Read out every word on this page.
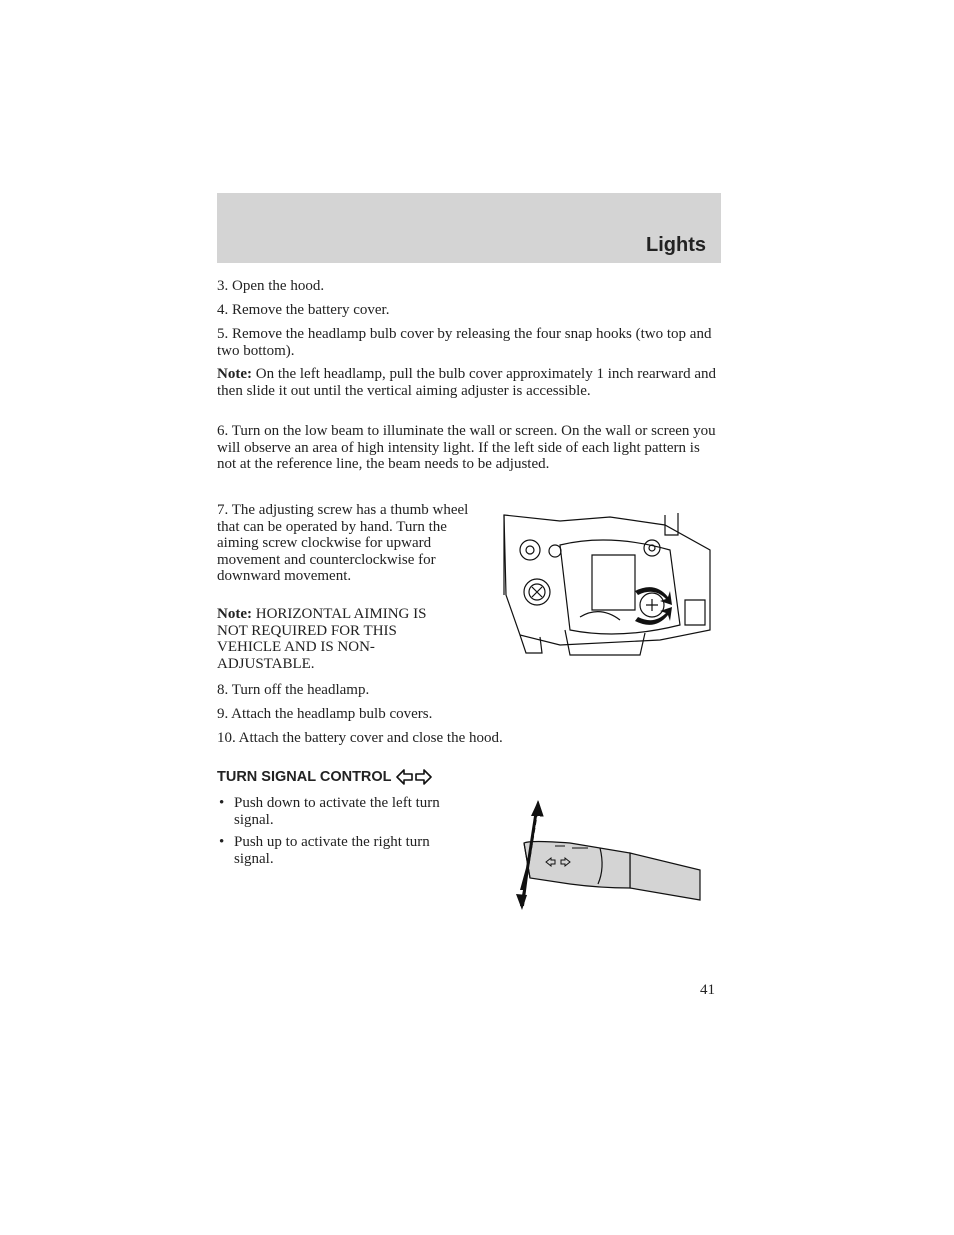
Lights

3. Open the hood.

4. Remove the battery cover.

5. Remove the headlamp bulb cover by releasing the four snap hooks (two top and two bottom).

Note: On the left headlamp, pull the bulb cover approximately 1 inch rearward and then slide it out until the vertical aiming adjuster is accessible.

6. Turn on the low beam to illuminate the wall or screen. On the wall or screen you will observe an area of high intensity light. If the left side of each light pattern is not at the reference line, the beam needs to be adjusted.

7. The adjusting screw has a thumb wheel that can be operated by hand. Turn the aiming screw clockwise for upward movement and counterclockwise for downward movement.

Note: HORIZONTAL AIMING IS NOT REQUIRED FOR THIS VEHICLE AND IS NON-ADJUSTABLE.

8. Turn off the headlamp.

9. Attach the headlamp bulb covers.

10. Attach the battery cover and close the hood.

TURN SIGNAL CONTROL
• Push down to activate the left turn signal.
• Push up to activate the right turn signal.
41
